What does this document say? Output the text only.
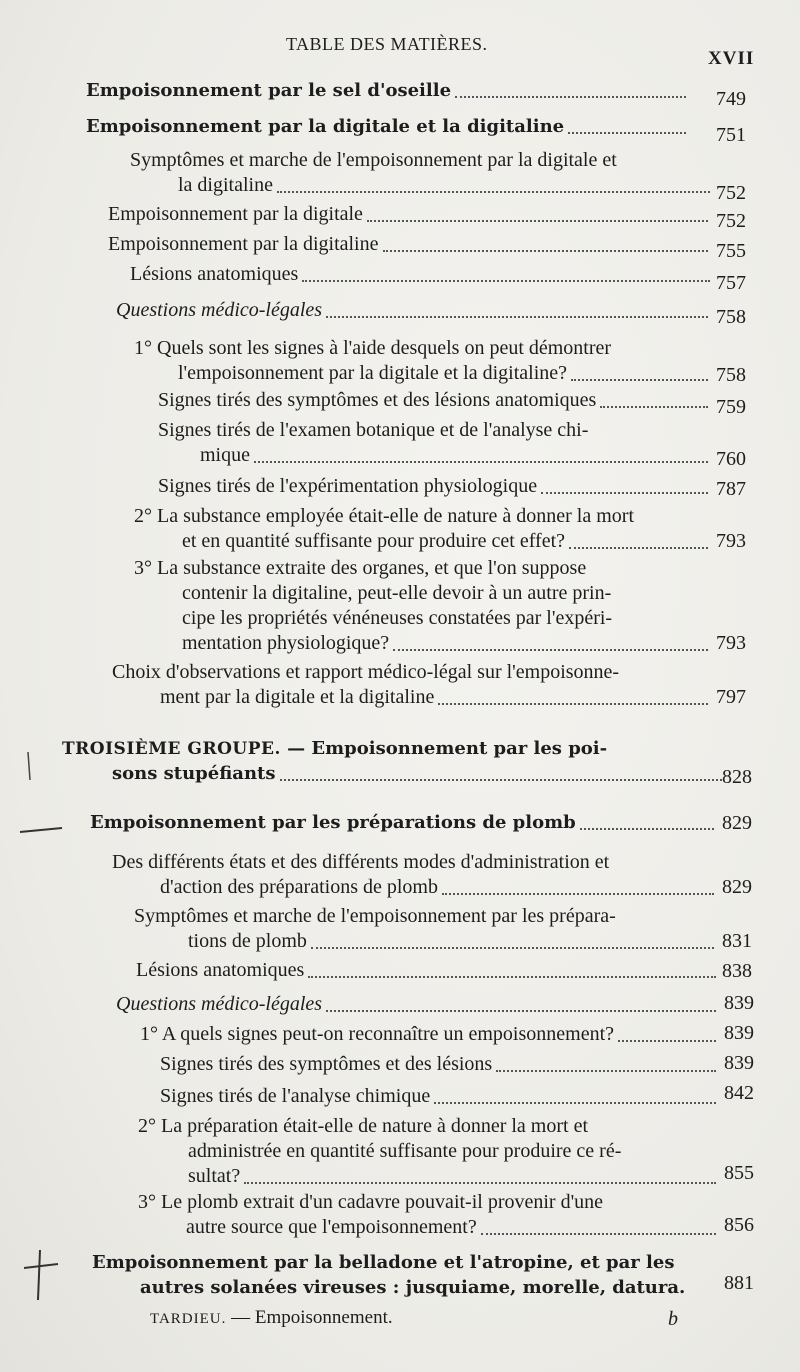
TABLE DES MATIÈRES.
XVII
Empoisonnement par le sel d'oseille	749
Empoisonnement par la digitale et la digitaline	751
Symptômes et marche de l'empoisonnement par la digitale et
la digitaline	752
Empoisonnement par la digitale	752
Empoisonnement par la digitaline	755
Lésions anatomiques	757
Questions médico-légales	758
1° Quels sont les signes à l'aide desquels on peut démontrer
l'empoisonnement par la digitale et la digitaline?	758
Signes tirés des symptômes et des lésions anatomiques	759
Signes tirés de l'examen botanique et de l'analyse chi-
mique	760
Signes tirés de l'expérimentation physiologique	787
2° La substance employée était-elle de nature à donner la mort
et en quantité suffisante pour produire cet effet?	793
3° La substance extraite des organes, et que l'on suppose
contenir la digitaline, peut-elle devoir à un autre prin-
cipe les propriétés vénéneuses constatées par l'expéri-
mentation physiologique?	793
Choix d'observations et rapport médico-légal sur l'empoisonne-
ment par la digitale et la digitaline	797
TROISIÈME GROUPE. — Empoisonnement par les poi-
sons stupéfiants	828
Empoisonnement par les préparations de plomb	829
Des différents états et des différents modes d'administration et
d'action des préparations de plomb	829
Symptômes et marche de l'empoisonnement par les prépara-
tions de plomb	831
Lésions anatomiques	838
Questions médico-légales	839
1° A quels signes peut-on reconnaître un empoisonnement?	839
Signes tirés des symptômes et des lésions	839
Signes tirés de l'analyse chimique	842
2° La préparation était-elle de nature à donner la mort et
administrée en quantité suffisante pour produire ce ré-
sultat?	855
3° Le plomb extrait d'un cadavre pouvait-il provenir d'une
autre source que l'empoisonnement?	856
Empoisonnement par la belladone et l'atropine, et par les
autres solanées vireuses : jusquiame, morelle, datura.	881
TARDIEU. — Empoisonnement.	b
